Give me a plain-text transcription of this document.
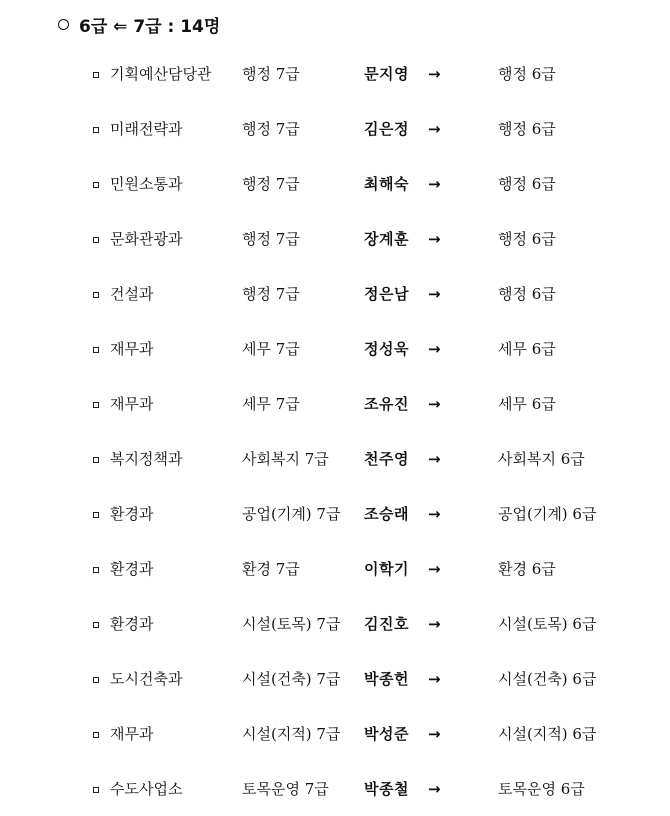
6급 ⇐ 7급 : 14명
기획예산담당관 행정 7급	문지영 →	행정 6급
미래전략과	행정 7급	김은정 →	행정 6급
민원소통과	행정 7급	최해숙 →	행정 6급
문화관광과	행정 7급	장계훈 →	행정 6급
건설과	행정 7급	정은남 →	행정 6급
재무과	세무 7급	정성욱 →	세무 6급
재무과	세무 7급	조유진 →	세무 6급
복지정책과	사회복지 7급 천주영 →	사회복지 6급
환경과	공업(기계) 7급 조승래 →	공업(기계) 6급
환경과	환경 7급	이학기 →	환경 6급
환경과	시설(토목) 7급 김진호 →	시설(토목) 6급
도시건축과	시설(건축) 7급 박종헌 →	시설(건축) 6급
재무과	시설(지적) 7급 박성준 →	시설(지적) 6급
수도사업소	토목운영 7급 박종철 →	토목운영 6급
